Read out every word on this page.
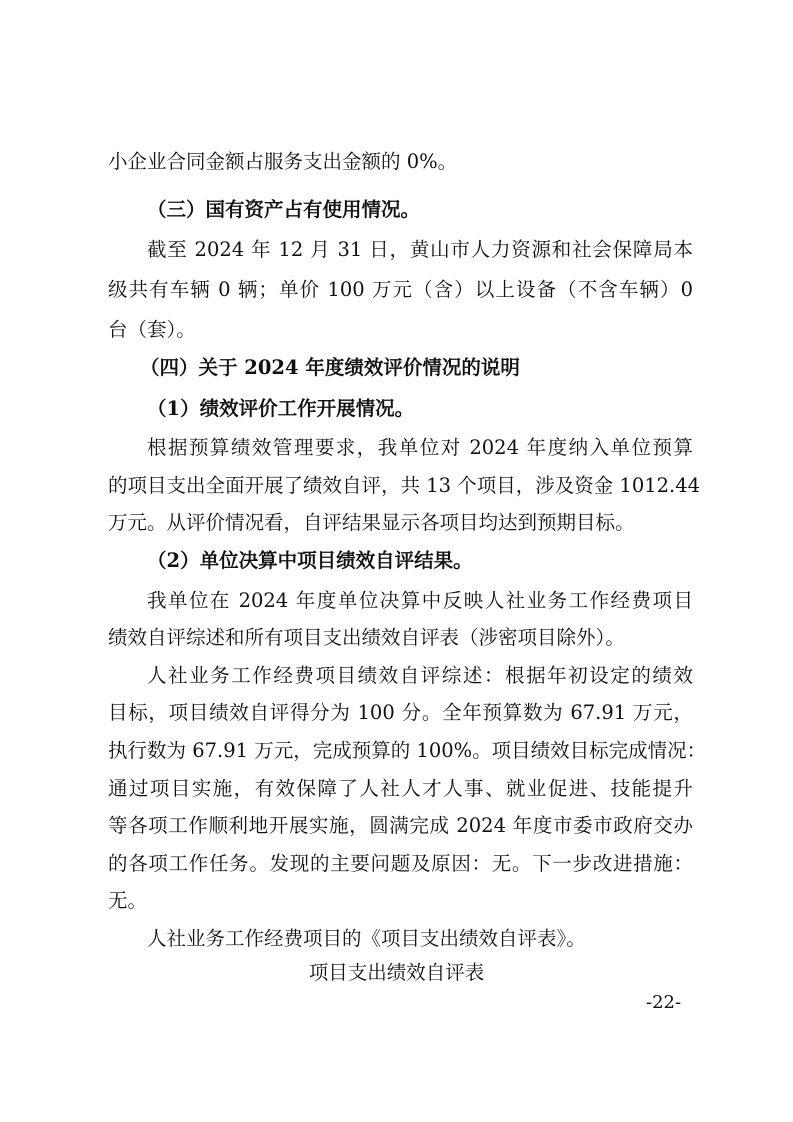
小企业合同金额占服务支出金额的 0%。
（三）国有资产占有使用情况。
截至 2024 年 12 月 31 日，黄山市人力资源和社会保障局本
级共有车辆 0 辆；单价 100 万元（含）以上设备（不含车辆）0
台（套）。
（四）关于 2024 年度绩效评价情况的说明
（1）绩效评价工作开展情况。
根据预算绩效管理要求，我单位对 2024 年度纳入单位预算
的项目支出全面开展了绩效自评，共 13 个项目，涉及资金 1012.44
万元。从评价情况看，自评结果显示各项目均达到预期目标。
（2）单位决算中项目绩效自评结果。
我单位在 2024 年度单位决算中反映人社业务工作经费项目
绩效自评综述和所有项目支出绩效自评表（涉密项目除外）。
人社业务工作经费项目绩效自评综述：根据年初设定的绩效
目标，项目绩效自评得分为 100 分。全年预算数为 67.91 万元，
执行数为 67.91 万元，完成预算的 100%。项目绩效目标完成情况：
通过项目实施，有效保障了人社人才人事、就业促进、技能提升
等各项工作顺利地开展实施，圆满完成 2024 年度市委市政府交办
的各项工作任务。发现的主要问题及原因：无。下一步改进措施：
无。
人社业务工作经费项目的《项目支出绩效自评表》。
项目支出绩效自评表
-22-
